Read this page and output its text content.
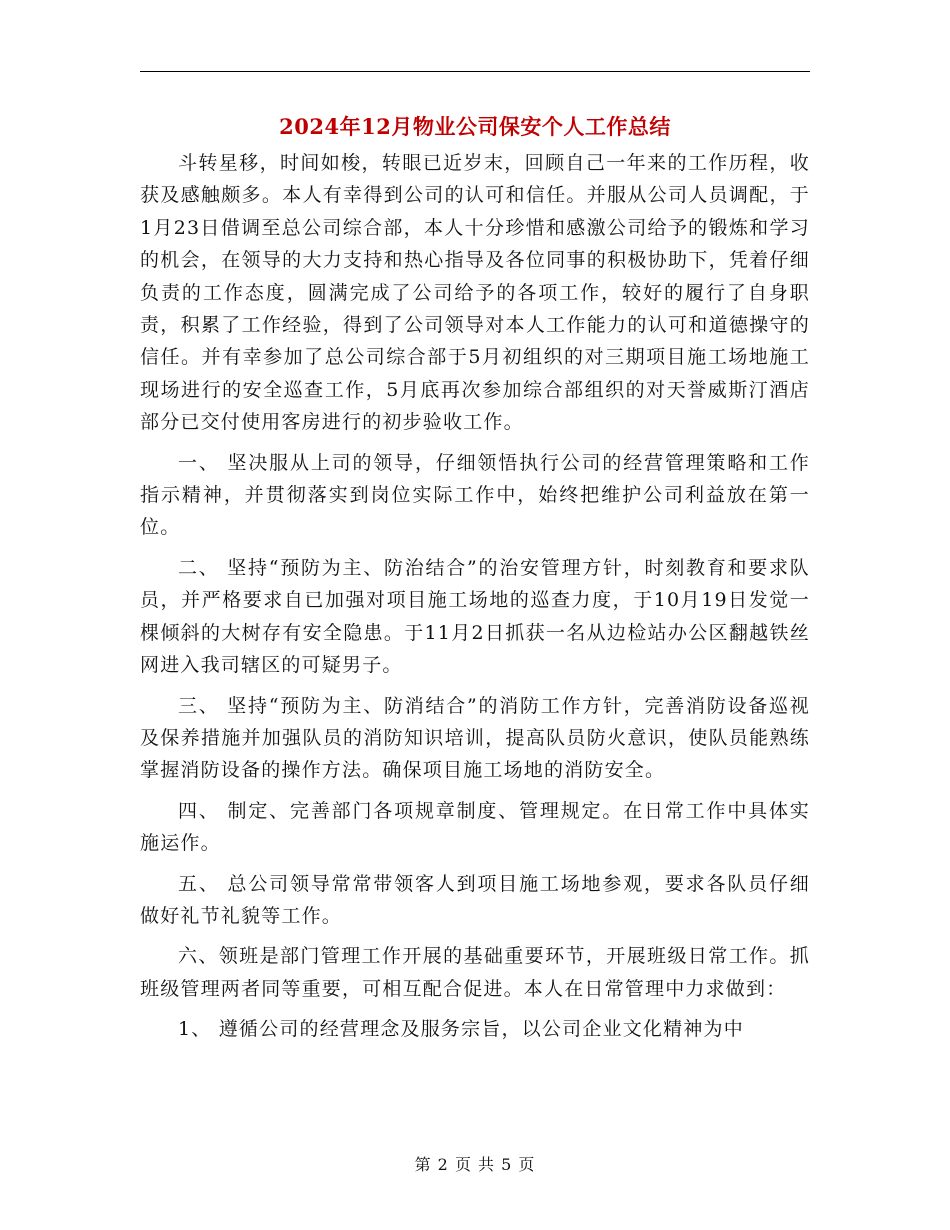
2024年12月物业公司保安个人工作总结

斗转星移，时间如梭，转眼已近岁末，回顾自己一年来的工作历程，收获及感触颇多。本人有幸得到公司的认可和信任。并服从公司人员调配，于1月23日借调至总公司综合部，本人十分珍惜和感激公司给予的锻炼和学习的机会，在领导的大力支持和热心指导及各位同事的积极协助下，凭着仔细负责的工作态度，圆满完成了公司给予的各项工作，较好的履行了自身职责，积累了工作经验，得到了公司领导对本人工作能力的认可和道德操守的信任。并有幸参加了总公司综合部于5月初组织的对三期项目施工场地施工现场进行的安全巡查工作，5月底再次参加综合部组织的对天誉威斯汀酒店部分已交付使用客房进行的初步验收工作。

一、 坚决服从上司的领导，仔细领悟执行公司的经营管理策略和工作指示精神，并贯彻落实到岗位实际工作中，始终把维护公司利益放在第一位。

二、 坚持“预防为主、防治结合”的治安管理方针，时刻教育和要求队员，并严格要求自已加强对项目施工场地的巡查力度，于10月19日发觉一棵倾斜的大树存有安全隐患。于11月2日抓获一名从边检站办公区翻越铁丝网进入我司辖区的可疑男子。

三、 坚持“预防为主、防消结合”的消防工作方针，完善消防设备巡视及保养措施并加强队员的消防知识培训，提高队员防火意识，使队员能熟练掌握消防设备的操作方法。确保项目施工场地的消防安全。

四、 制定、完善部门各项规章制度、管理规定。在日常工作中具体实施运作。

五、 总公司领导常常带领客人到项目施工场地参观，要求各队员仔细做好礼节礼貌等工作。

六、领班是部门管理工作开展的基础重要环节，开展班级日常工作。抓班级管理两者同等重要，可相互配合促进。本人在日常管理中力求做到：

1、 遵循公司的经营理念及服务宗旨，以公司企业文化精神为中

第 2 页 共 5 页
